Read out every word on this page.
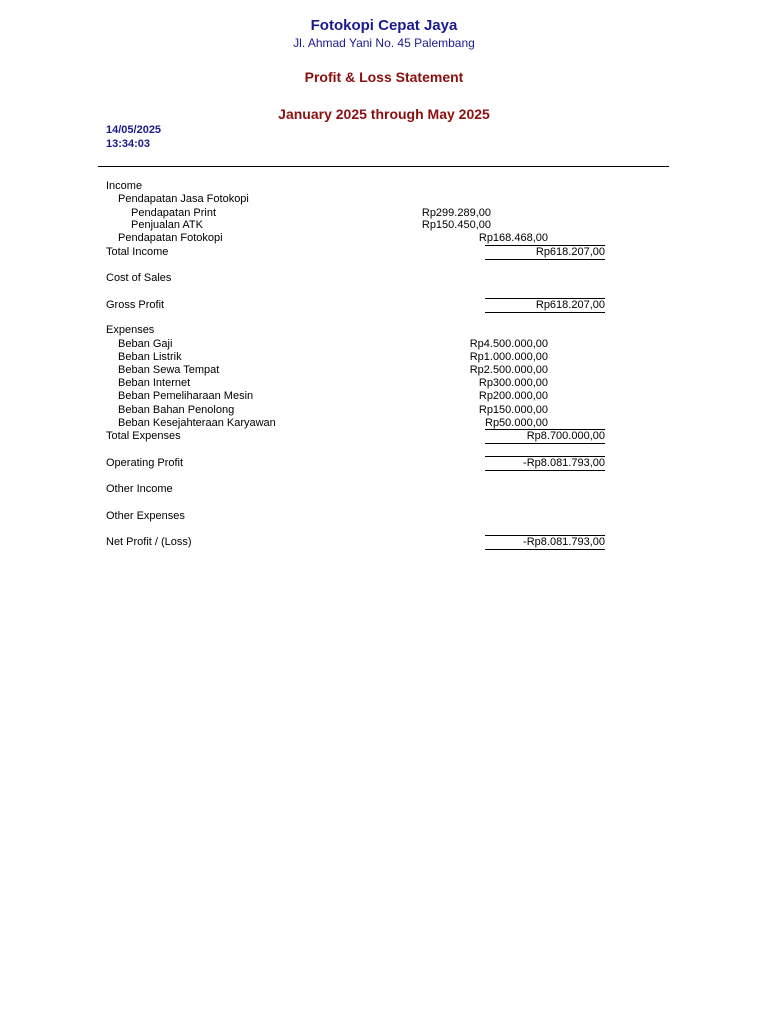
Fotokopi Cepat Jaya
Jl. Ahmad Yani No. 45 Palembang
Profit & Loss Statement
January 2025 through May 2025
14/05/2025
13:34:03
Income
Pendapatan Jasa Fotokopi
Pendapatan Print	Rp299.289,00
Penjualan ATK	Rp150.450,00
Pendapatan Fotokopi	Rp168.468,00
Total Income	Rp618.207,00
Cost of Sales
Gross Profit	Rp618.207,00
Expenses
Beban Gaji	Rp4.500.000,00
Beban Listrik	Rp1.000.000,00
Beban Sewa Tempat	Rp2.500.000,00
Beban Internet	Rp300.000,00
Beban Pemeliharaan Mesin	Rp200.000,00
Beban Bahan Penolong	Rp150.000,00
Beban Kesejahteraan Karyawan	Rp50.000,00
Total Expenses	Rp8.700.000,00
Operating Profit	-Rp8.081.793,00
Other Income
Other Expenses
Net Profit / (Loss)	-Rp8.081.793,00
